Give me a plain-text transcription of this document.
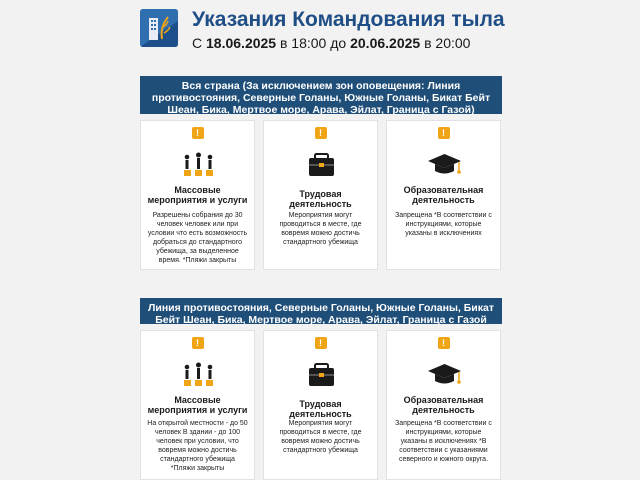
Указания Командования тыла
С 18.06.2025 в 18:00 до 20.06.2025 в 20:00
Вся страна (За исключением зон оповещения: Линия противостояния, Северные Голаны, Южные Голаны, Бикат Бейт Шеан, Бика, Мертвое море, Арава, Эйлат, Граница с Газой)
!
Массовые мероприятия и услуги
Разрешены собрания до 30 человек человек или при условии что есть возможность добраться до стандартного убежища, за выделенное время. *Пляжи закрыты
!
Трудовая деятельность
Мероприятия могут проводиться в месте, где вовремя можно достичь стандартного убежища
!
Образовательная деятельность
Запрещена *В соответствии с инструкциями, которые указаны в исключениях
Линия противостояния, Северные Голаны, Южные Голаны, Бикат Бейт Шеан, Бика, Мертвое море, Арава, Эйлат, Граница с Газой
!
Массовые мероприятия и услуги
На открытой местности - до 50 человек В здании - до 100 человек при условии, что вовремя можно достичь стандартного убежища *Пляжи закрыты
!
Трудовая деятельность
Мероприятия могут проводиться в месте, где вовремя можно достичь стандартного убежища
!
Образовательная деятельность
Запрещена *В соответствии с инструкциями, которые указаны в исключениях *В соответствии с указаниями северного и южного округа.
